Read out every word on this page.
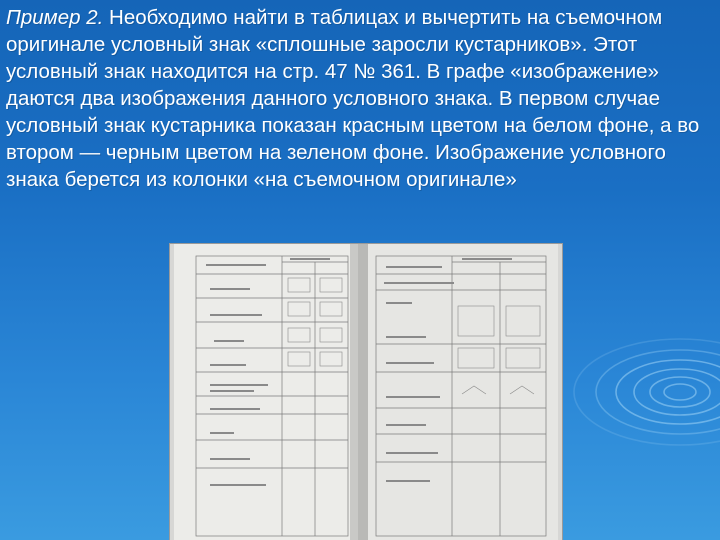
Пример 2. Необходимо найти в таблицах и вычертить на съемочном оригинале условный знак «сплошные заросли кустарников». Этот условный знак находится на стр. 47 № 361. В графе «изображение» даются два изображения данного условного знака. В первом случае условный знак кустарника показан красным цветом на белом фоне, а во втором — черным цветом на зеленом фоне. Изображение условного знака берется из колонки «на съемочном оригинале»
